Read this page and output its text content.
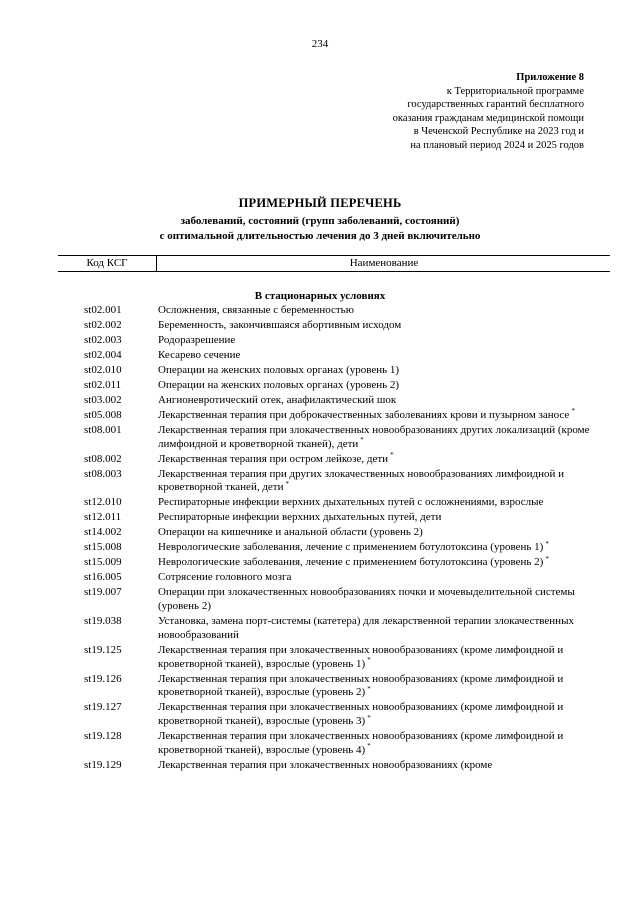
234
Приложение 8
к Территориальной программе
государственных гарантий бесплатного
оказания гражданам медицинской помощи
в Чеченской Республике на 2023 год и
на плановый период 2024 и 2025 годов
ПРИМЕРНЫЙ ПЕРЕЧЕНЬ
заболеваний, состояний (групп заболеваний, состояний)
с оптимальной длительностью лечения до 3 дней включительно
Код КСГ	Наименование
В стационарных условиях
st02.001	Осложнения, связанные с беременностью
st02.002	Беременность, закончившаяся абортивным исходом
st02.003	Родоразрешение
st02.004	Кесарево сечение
st02.010	Операции на женских половых органах (уровень 1)
st02.011	Операции на женских половых органах (уровень 2)
st03.002	Ангионевротический отек, анафилактический шок
st05.008	Лекарственная терапия при доброкачественных заболеваниях крови и пузырном заносе *
st08.001	Лекарственная терапия при злокачественных новообразованиях других локализаций (кроме лимфоидной и кроветворной тканей), дети *
st08.002	Лекарственная терапия при остром лейкозе, дети *
st08.003	Лекарственная терапия при других злокачественных новообразованиях лимфоидной и кроветворной тканей, дети *
st12.010	Респираторные инфекции верхних дыхательных путей с осложнениями, взрослые
st12.011	Респираторные инфекции верхних дыхательных путей, дети
st14.002	Операции на кишечнике и анальной области (уровень 2)
st15.008	Неврологические заболевания, лечение с применением ботулотоксина (уровень 1) *
st15.009	Неврологические заболевания, лечение с применением ботулотоксина (уровень 2) *
st16.005	Сотрясение головного мозга
st19.007	Операции при злокачественных новообразованиях почки и мочевыделительной системы (уровень 2)
st19.038	Установка, замена порт-системы (катетера) для лекарственной терапии злокачественных новообразований
st19.125	Лекарственная терапия при злокачественных новообразованиях (кроме лимфоидной и кроветворной тканей), взрослые (уровень 1) *
st19.126	Лекарственная терапия при злокачественных новообразованиях (кроме лимфоидной и кроветворной тканей), взрослые (уровень 2) *
st19.127	Лекарственная терапия при злокачественных новообразованиях (кроме лимфоидной и кроветворной тканей), взрослые (уровень 3) *
st19.128	Лекарственная терапия при злокачественных новообразованиях (кроме лимфоидной и кроветворной тканей), взрослые (уровень 4) *
st19.129	Лекарственная терапия при злокачественных новообразованиях (кроме
